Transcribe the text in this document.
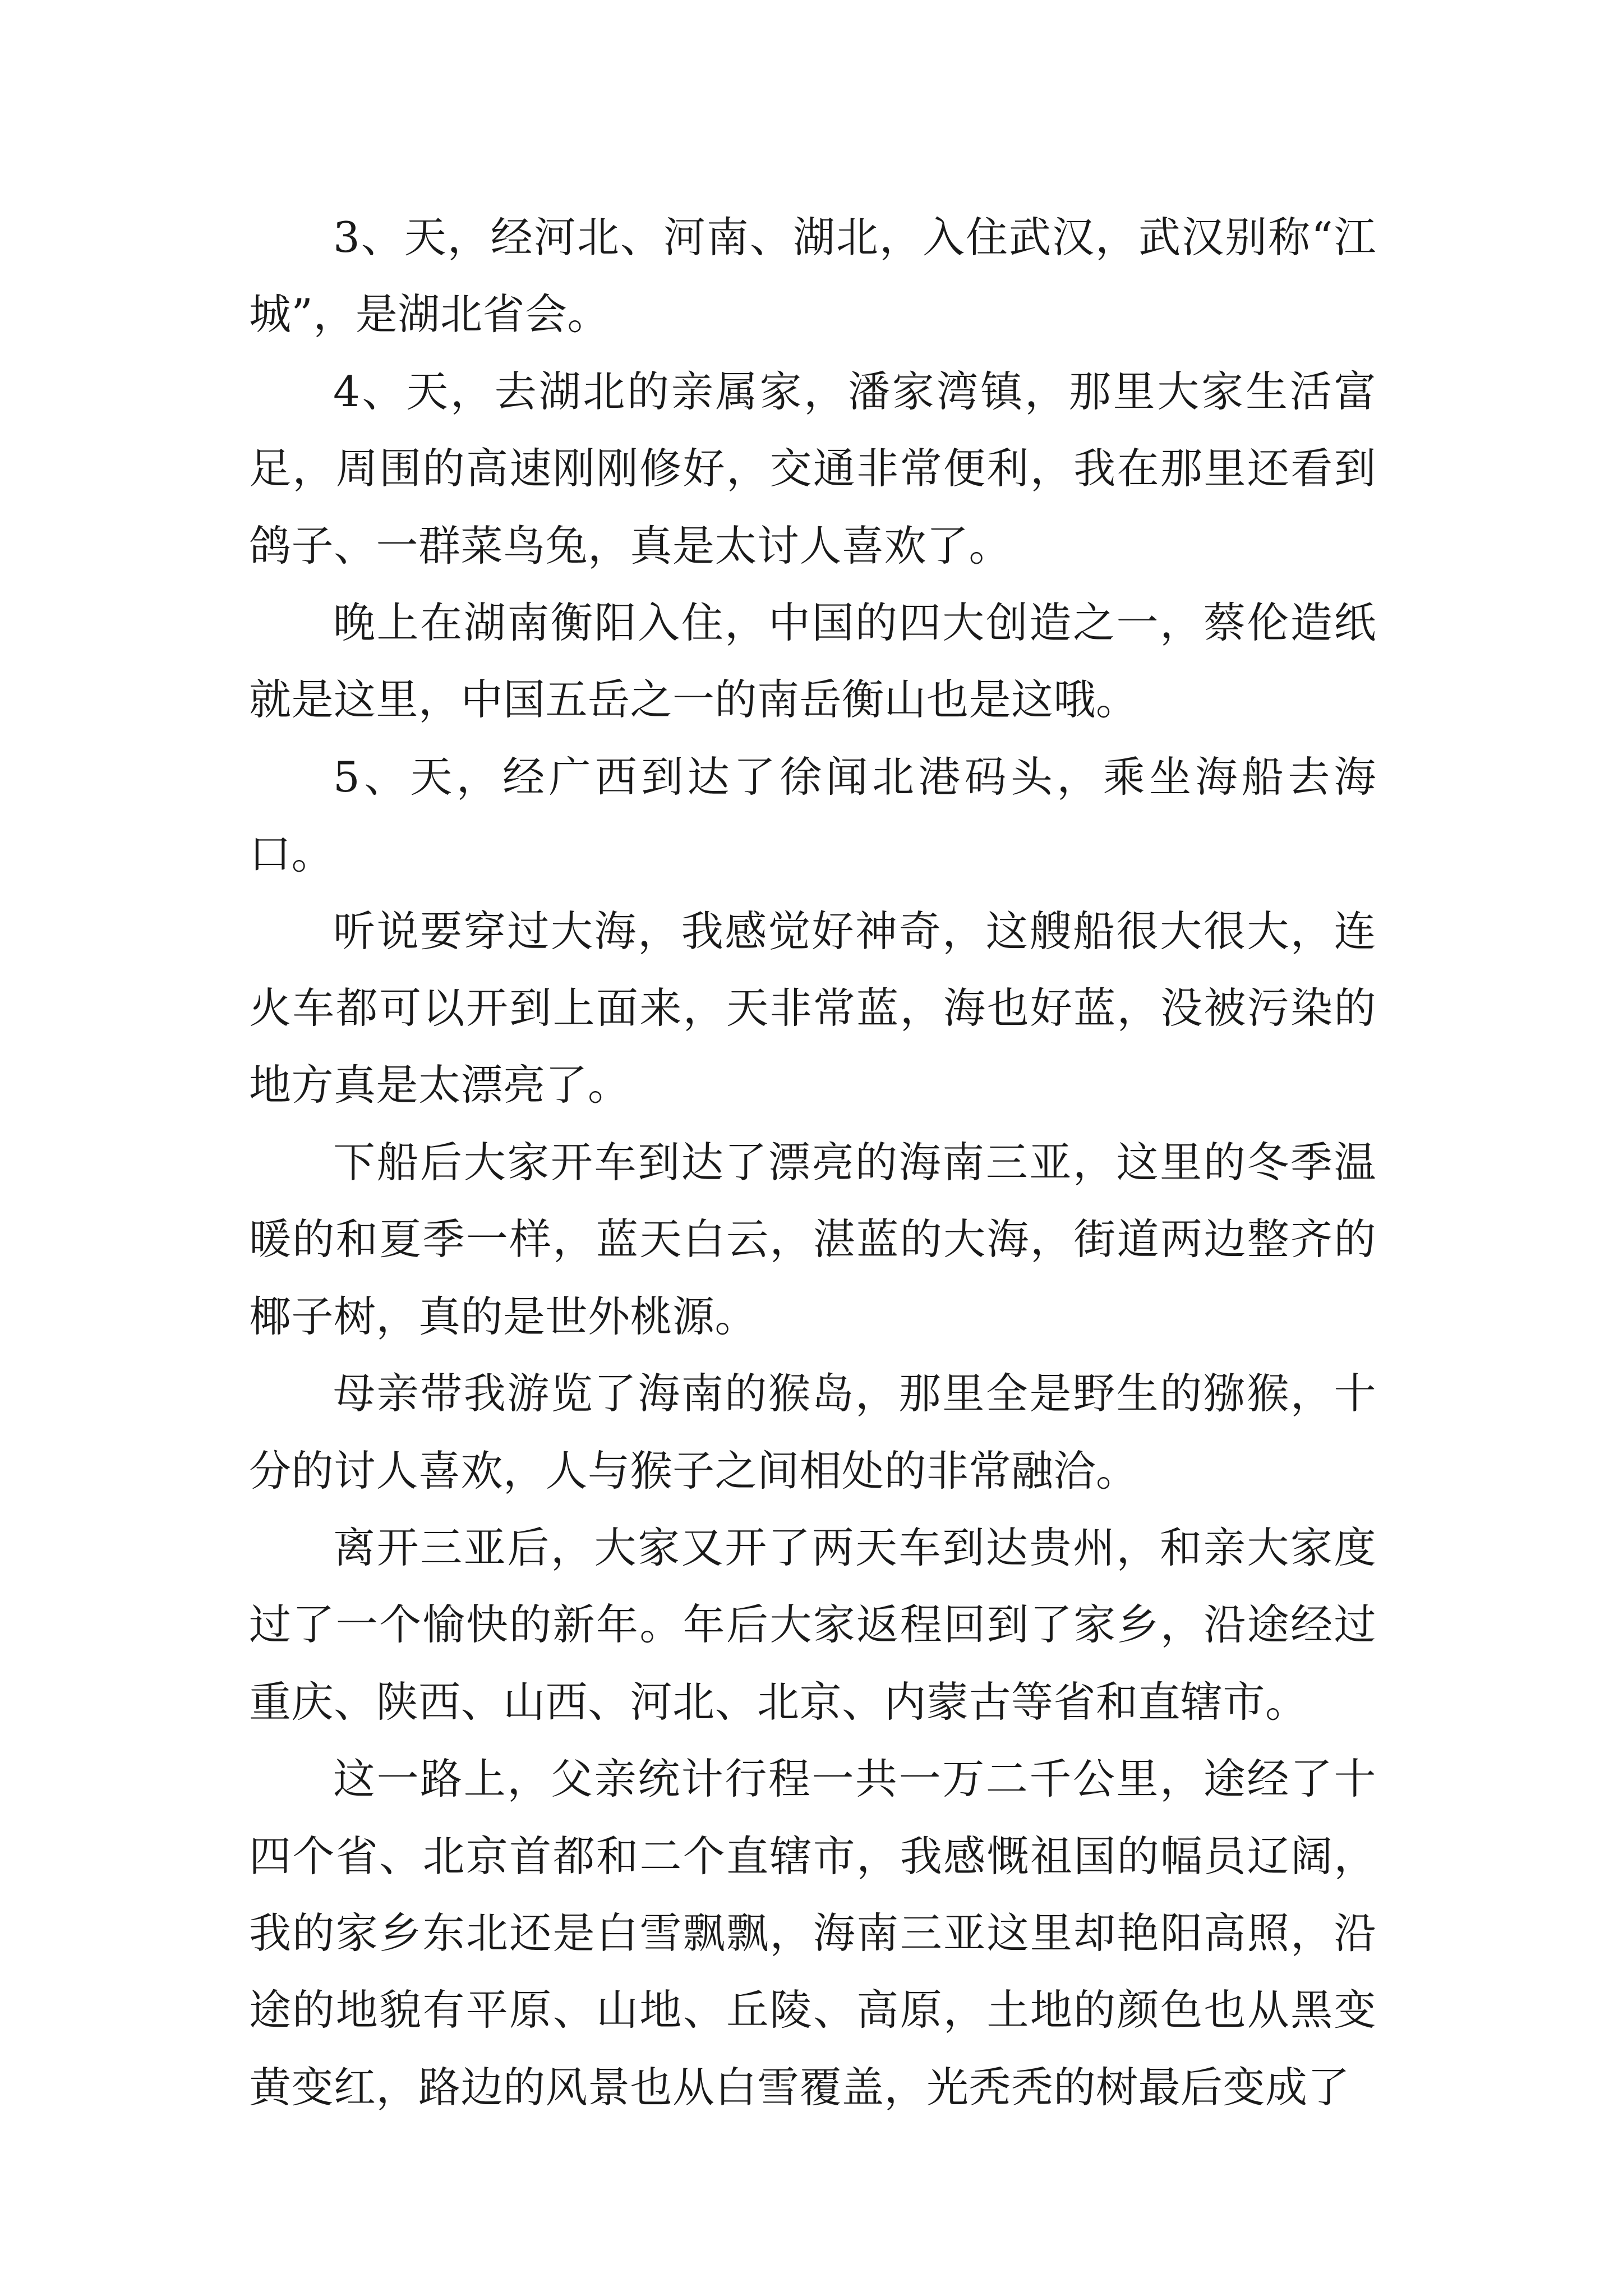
3、天，经河北、河南、湖北，入住武汉，武汉别称“江城”，是湖北省会。

4、天，去湖北的亲属家，潘家湾镇，那里大家生活富足，周围的高速刚刚修好，交通非常便利，我在那里还看到鸽子、一群菜鸟兔，真是太讨人喜欢了。

晚上在湖南衡阳入住，中国的四大创造之一，蔡伦造纸就是这里，中国五岳之一的南岳衡山也是这哦。

5、天，经广西到达了徐闻北港码头，乘坐海船去海口。

听说要穿过大海，我感觉好神奇，这艘船很大很大，连火车都可以开到上面来，天非常蓝，海也好蓝，没被污染的地方真是太漂亮了。

下船后大家开车到达了漂亮的海南三亚，这里的冬季温暖的和夏季一样，蓝天白云，湛蓝的大海，街道两边整齐的椰子树，真的是世外桃源。

母亲带我游览了海南的猴岛，那里全是野生的猕猴，十分的讨人喜欢，人与猴子之间相处的非常融洽。

离开三亚后，大家又开了两天车到达贵州，和亲大家度过了一个愉快的新年。年后大家返程回到了家乡，沿途经过重庆、陕西、山西、河北、北京、内蒙古等省和直辖市。

这一路上，父亲统计行程一共一万二千公里，途经了十四个省、北京首都和二个直辖市，我感慨祖国的幅员辽阔，我的家乡东北还是白雪飘飘，海南三亚这里却艳阳高照，沿途的地貌有平原、山地、丘陵、高原，土地的颜色也从黑变黄变红，路边的风景也从白雪覆盖，光秃秃的树最后变成了
